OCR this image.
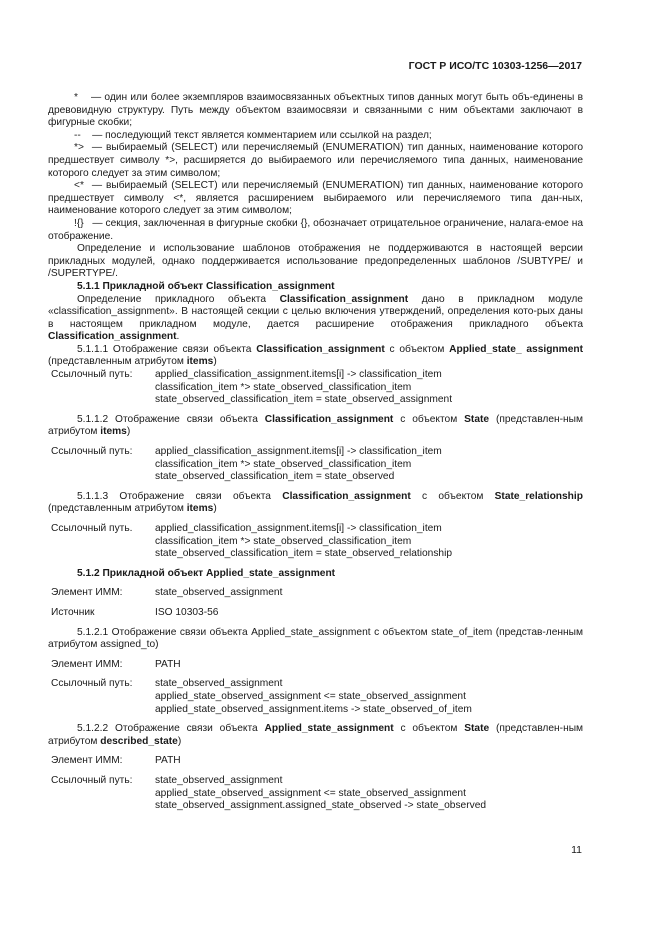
ГОСТ Р ИСО/ТС 10303-1256—2017
* — один или более экземпляров взаимосвязанных объектных типов данных могут быть объ-единены в древовидную структуру. Путь между объектом взаимосвязи и связанными с ним объектами заключают в фигурные скобки;
-- — последующий текст является комментарием или ссылкой на раздел;
*> — выбираемый (SELECT) или перечисляемый (ENUMERATION) тип данных, наименование которого предшествует символу *>, расширяется до выбираемого или перечисляемого типа данных, наименование которого следует за этим символом;
<* — выбираемый (SELECT) или перечисляемый (ENUMERATION) тип данных, наименование которого предшествует символу <*, является расширением выбираемого или перечисляемого типа дан-ных, наименование которого следует за этим символом;
!{} — секция, заключенная в фигурные скобки {}, обозначает отрицательное ограничение, налага-емое на отображение.
Определение и использование шаблонов отображения не поддерживаются в настоящей версии прикладных модулей, однако поддерживается использование предопределенных шаблонов /SUBTYPE/ и /SUPERTYPE/.
5.1.1 Прикладной объект Classification_assignment
Определение прикладного объекта Classification_assignment дано в прикладном модуле «classification_assignment». В настоящей секции с целью включения утверждений, определения кото-рых даны в настоящем прикладном модуле, дается расширение отображения прикладного объекта Classification_assignment.
5.1.1.1 Отображение связи объекта Classification_assignment с объектом Applied_state_ assignment (представленным атрибутом items)
Ссылочный путь:	applied_classification_assignment.items[i] -> classification_item
classification_item *> state_observed_classification_item
state_observed_classification_item = state_observed_assignment
5.1.1.2 Отображение связи объекта Classification_assignment с объектом State (представлен-ным атрибутом items)
Ссылочный путь:	applied_classification_assignment.items[i] -> classification_item
classification_item *> state_observed_classification_item
state_observed_classification_item = state_observed
5.1.1.3 Отображение связи объекта Classification_assignment с объектом State_relationship (представленным атрибутом items)
Ссылочный путь.	applied_classification_assignment.items[i] -> classification_item
classification_item *> state_observed_classification_item
state_observed_classification_item = state_observed_relationship
5.1.2 Прикладной объект Applied_state_assignment
Элемент ИММ:	state_observed_assignment
Источник	ISO 10303-56
5.1.2.1 Отображение связи объекта Applied_state_assignment с объектом state_of_item (представ-ленным атрибутом assigned_to)
Элемент ИММ:	PATH
Ссылочный путь:	state_observed_assignment
applied_state_observed_assignment <= state_observed_assignment
applied_state_observed_assignment.items -> state_observed_of_item
5.1.2.2 Отображение связи объекта Applied_state_assignment с объектом State (представлен-ным атрибутом described_state)
Элемент ИММ:	PATH
Ссылочный путь:	state_observed_assignment
applied_state_observed_assignment <= state_observed_assignment
state_observed_assignment.assigned_state_observed -> state_observed
11
